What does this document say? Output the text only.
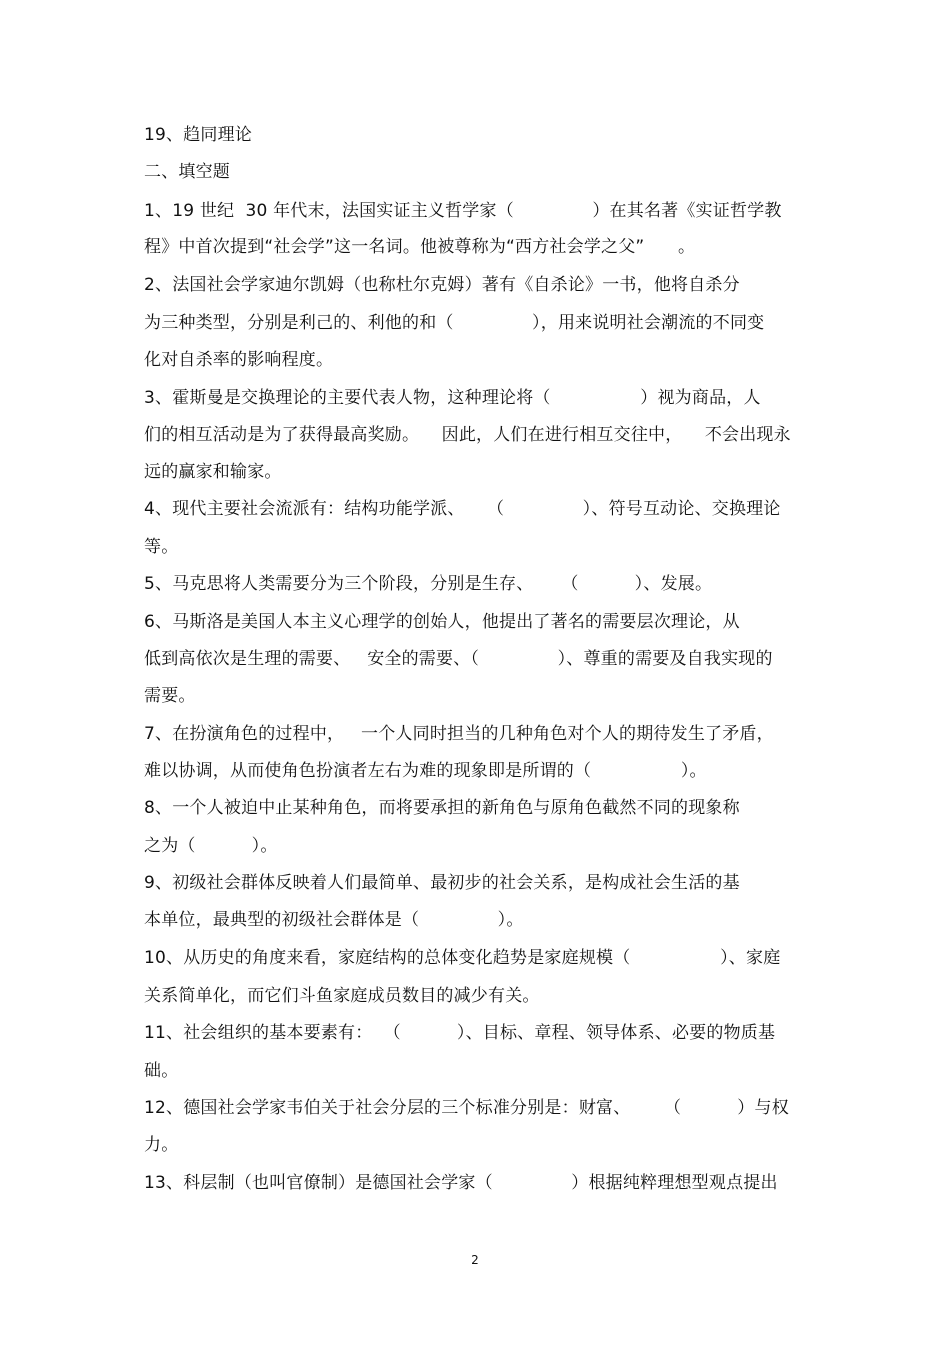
19、趋同理论
二、填空题
1、19 世纪  30 年代末，法国实证主义哲学家（              ）在其名著《实证哲学教
程》中首次提到“社会学”这一名词。他被尊称为“西方社会学之父”      。
2、法国社会学家迪尔凯姆（也称杜尔克姆）著有《自杀论》一书，他将自杀分
为三种类型，分别是利己的、利他的和（              ），用来说明社会潮流的不同变
化对自杀率的影响程度。
3、霍斯曼是交换理论的主要代表人物，这种理论将（                ）视为商品，人
们的相互活动是为了获得最高奖励。    因此，人们在进行相互交往中，    不会出现永
远的赢家和输家。
4、现代主要社会流派有：结构功能学派、    （              ）、符号互动论、交换理论
等。
5、马克思将人类需要分为三个阶段，分别是生存、     （          ）、发展。
6、马斯洛是美国人本主义心理学的创始人，他提出了著名的需要层次理论，从
低到高依次是生理的需要、   安全的需要、（              ）、尊重的需要及自我实现的
需要。
7、在扮演角色的过程中，   一个人同时担当的几种角色对个人的期待发生了矛盾，
难以协调，从而使角色扮演者左右为难的现象即是所谓的（                ）。
8、一个人被迫中止某种角色，而将要承担的新角色与原角色截然不同的现象称
之为（          ）。
9、初级社会群体反映着人们最简单、最初步的社会关系，是构成社会生活的基
本单位，最典型的初级社会群体是（              ）。
10、从历史的角度来看，家庭结构的总体变化趋势是家庭规模（                ）、家庭
关系简单化，而它们斗鱼家庭成员数目的减少有关。
11、社会组织的基本要素有：  （          ）、目标、章程、领导体系、必要的物质基
础。
12、德国社会学家韦伯关于社会分层的三个标准分别是：财富、      （          ）与权
力。
13、科层制（也叫官僚制）是德国社会学家（              ）根据纯粹理想型观点提出
2
